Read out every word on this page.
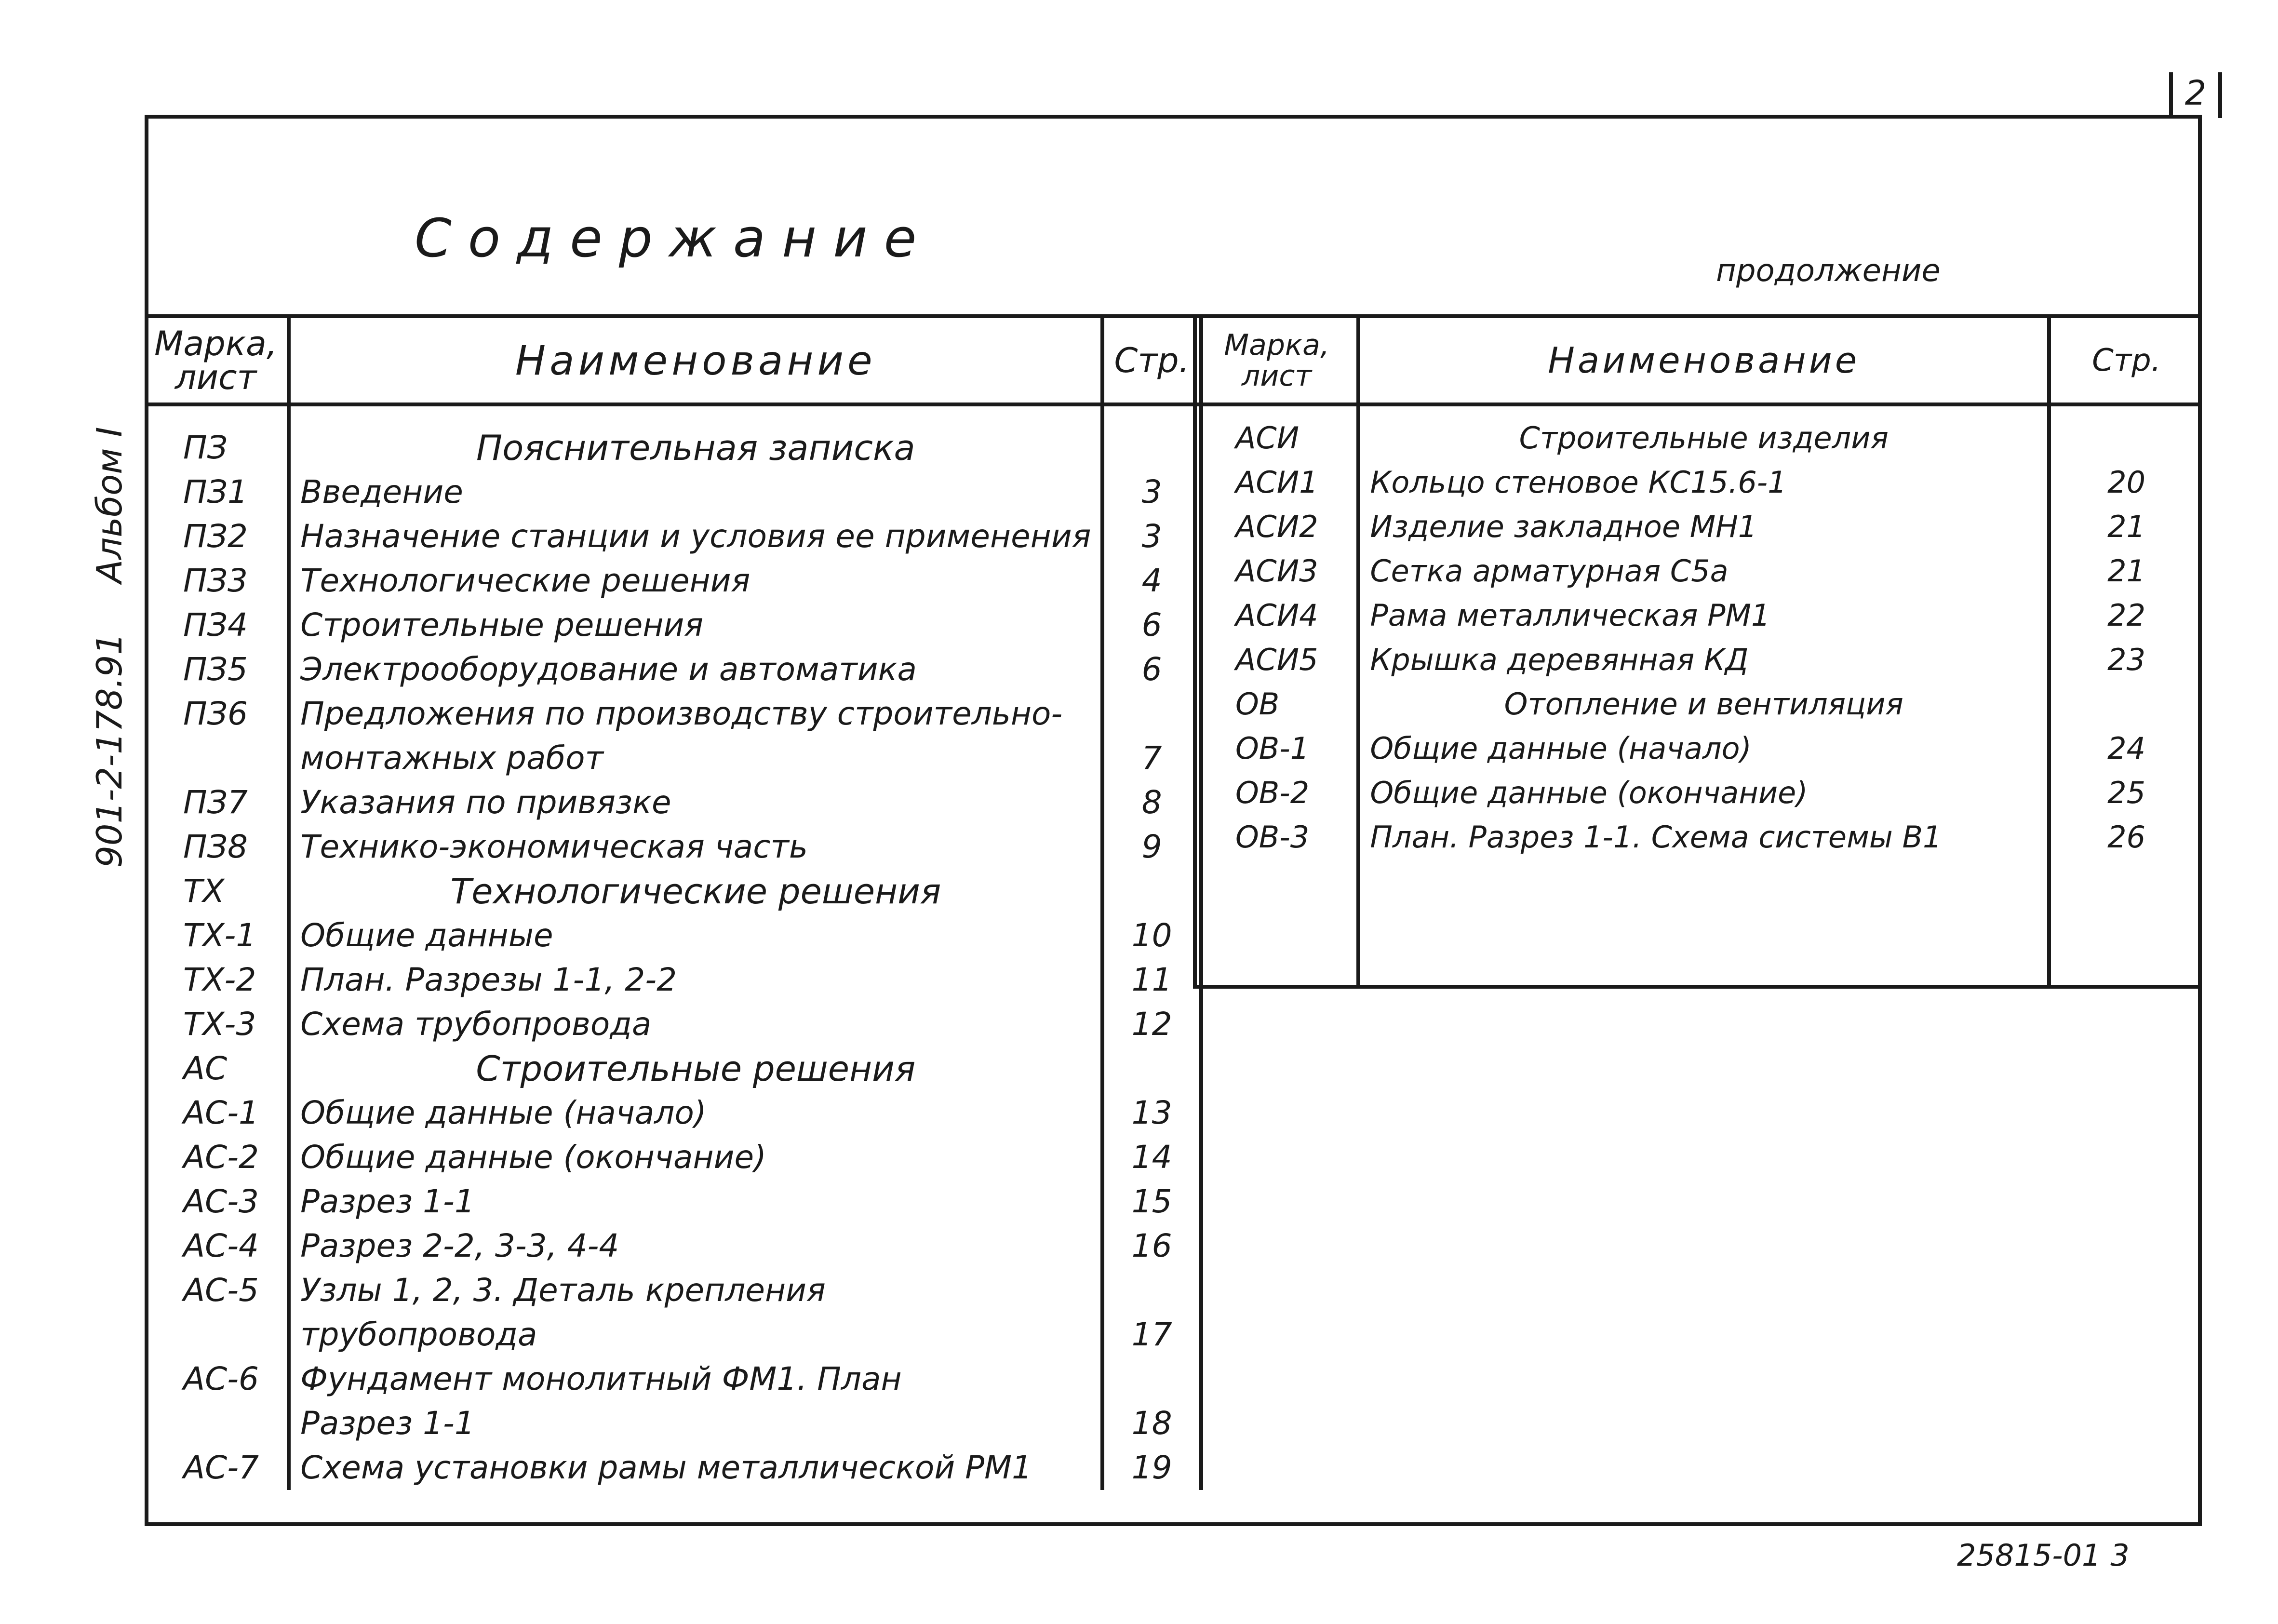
2
Альбом I
901-2-178.91
Содержание
продолжение
Марка, лист	Наименование	Стр.
ПЗ	Пояснительная записка	
ПЗ1	Введение	3
ПЗ2	Назначение станции и условия ее применения	3
ПЗ3	Технологические решения	4
ПЗ4	Строительные решения	6
ПЗ5	Электрооборудование и автоматика	6
ПЗ6	Предложения по производству строительно-	
	монтажных работ	7
ПЗ7	Указания по привязке	8
ПЗ8	Технико-экономическая часть	9
ТХ	Технологические решения	
ТХ-1	Общие данные	10
ТХ-2	План. Разрезы 1-1, 2-2	11
ТХ-3	Схема трубопровода	12
АС	Строительные решения	
АС-1	Общие данные (начало)	13
АС-2	Общие данные (окончание)	14
АС-3	Разрез 1-1	15
АС-4	Разрез 2-2, 3-3, 4-4	16
АС-5	Узлы 1, 2, 3. Деталь крепления	
	трубопровода	17
АС-6	Фундамент монолитный ФМ1. План	
	Разрез 1-1	18
АС-7	Схема установки рамы металлической РМ1	19
Марка, лист	Наименование	Стр.
АСИ	Строительные изделия	
АСИ1	Кольцо стеновое КС15.6-1	20
АСИ2	Изделие закладное МН1	21
АСИ3	Сетка арматурная С5а	21
АСИ4	Рама металлическая РМ1	22
АСИ5	Крышка деревянная КД	23
ОВ	Отопление и вентиляция	
ОВ-1	Общие данные (начало)	24
ОВ-2	Общие данные (окончание)	25
ОВ-3	План. Разрез 1-1. Схема системы В1	26

25815-01 3
